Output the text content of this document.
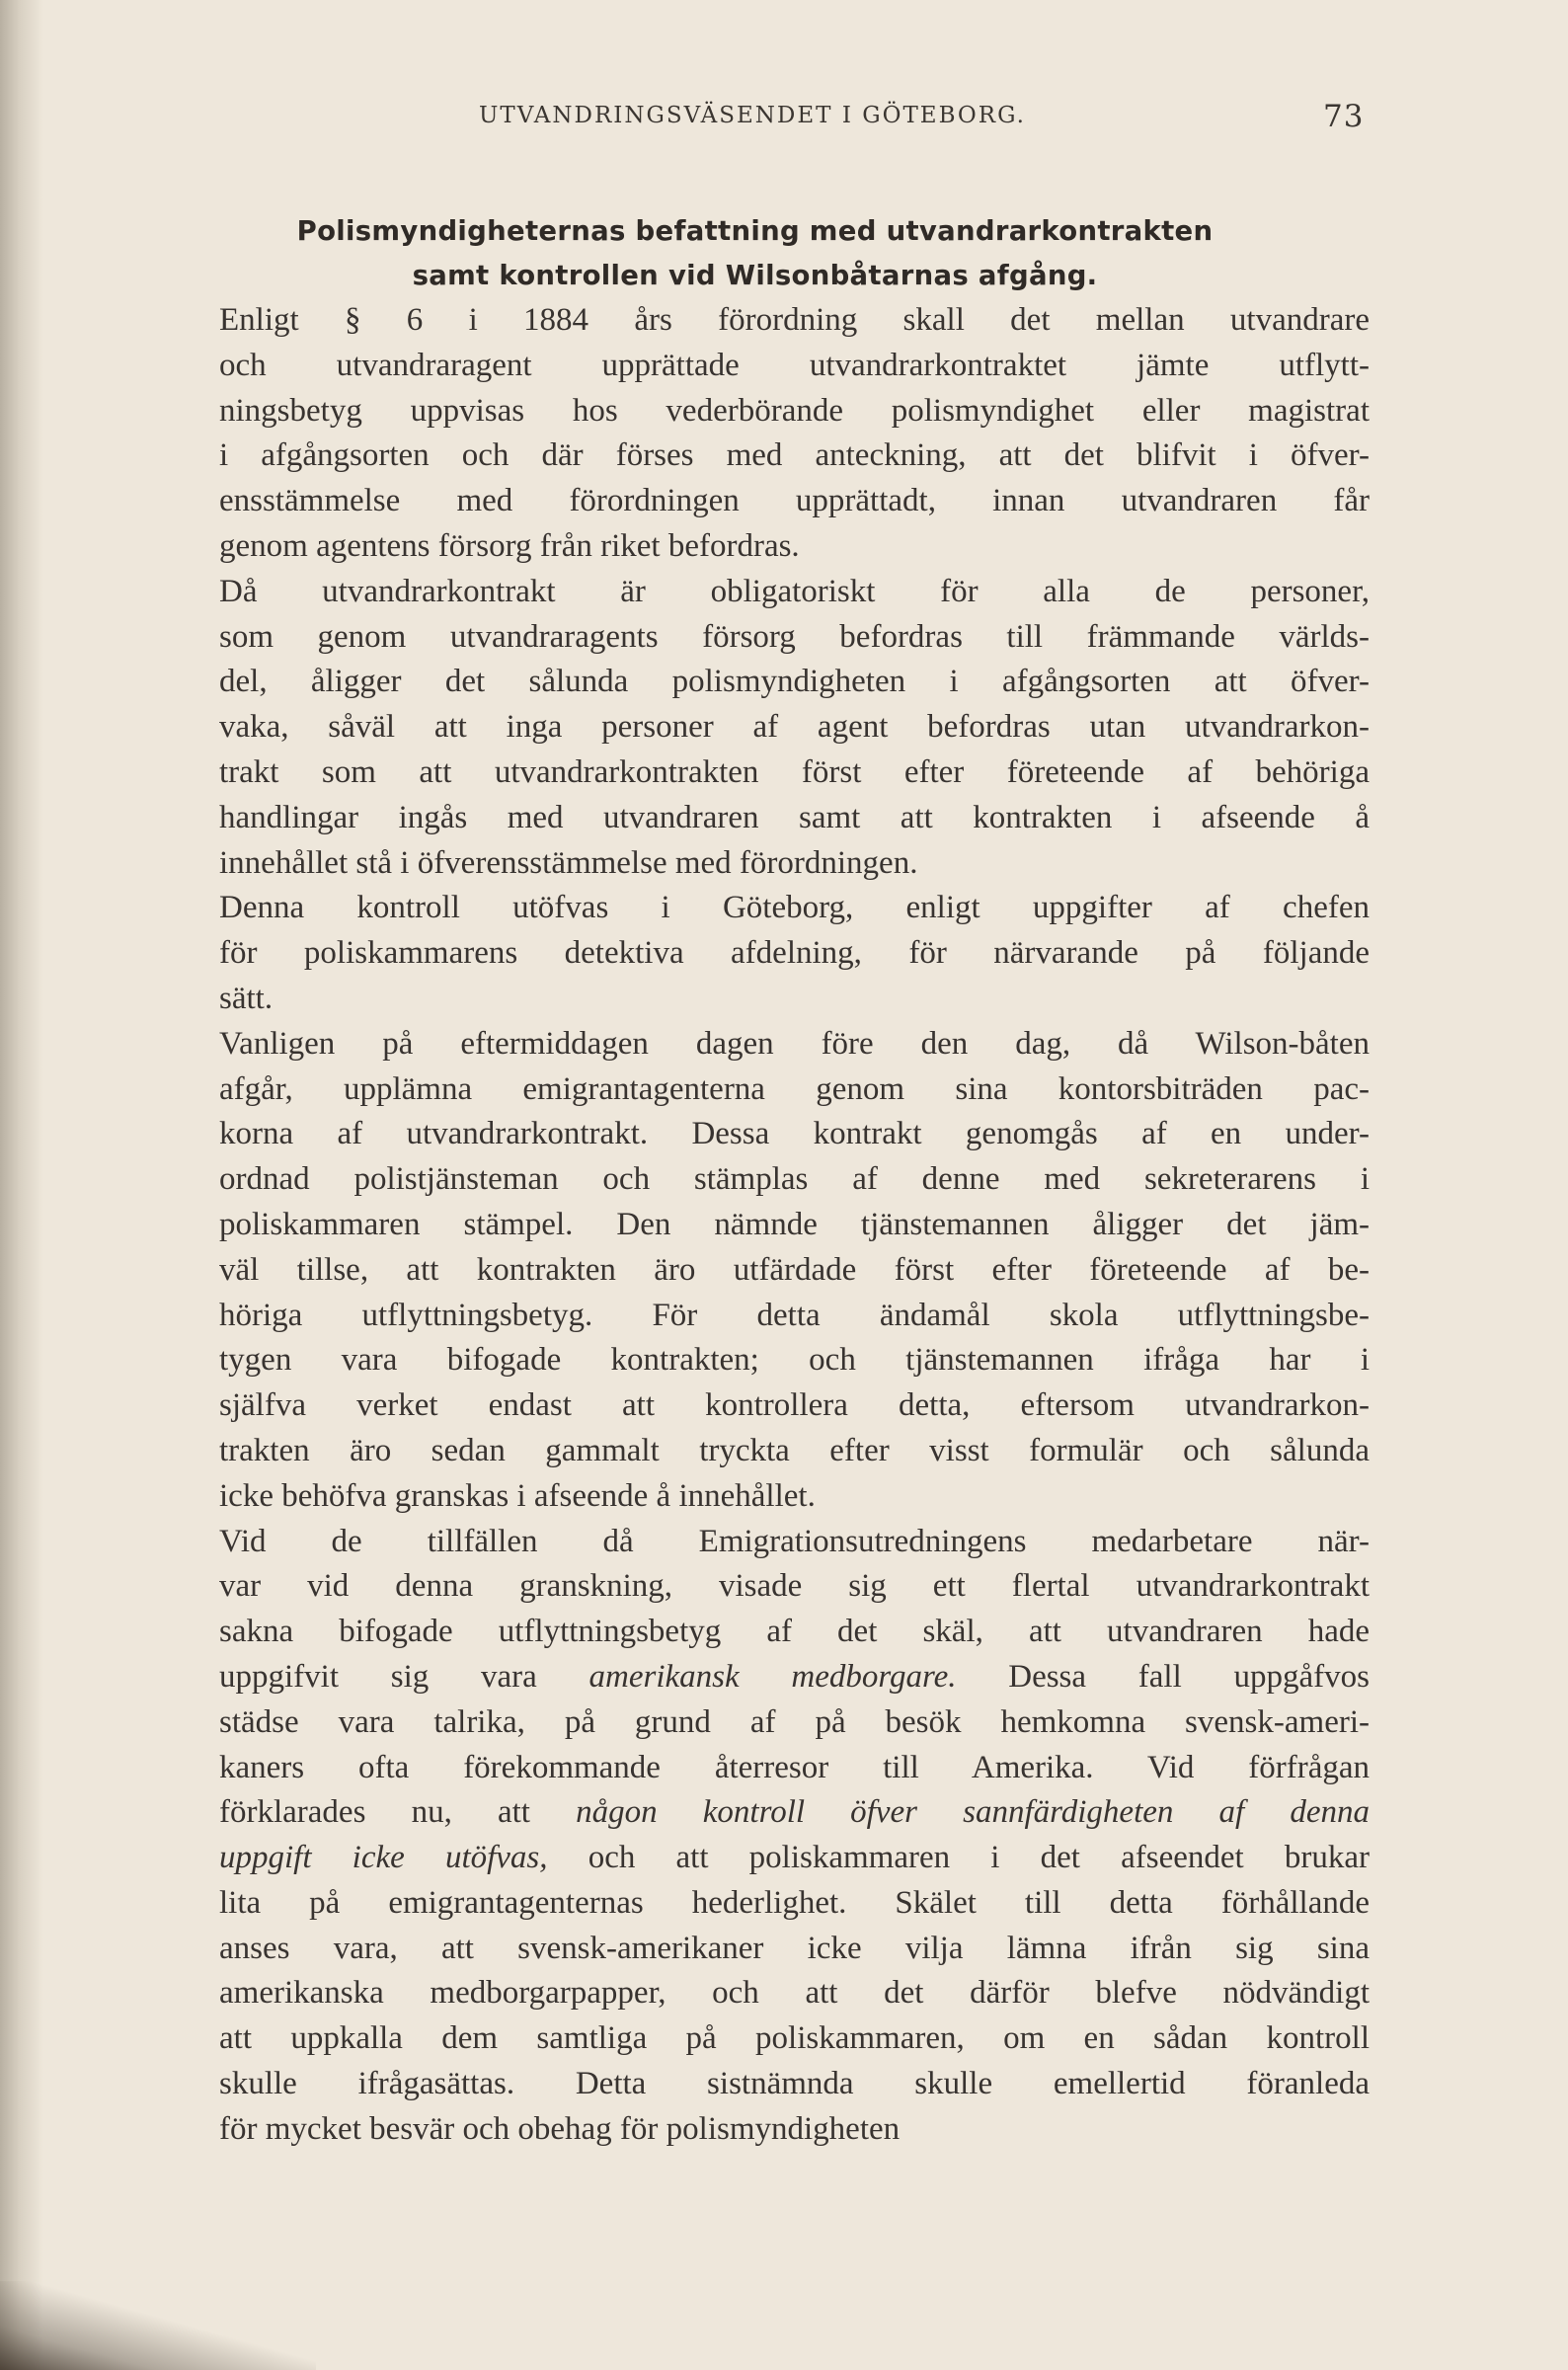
UTVANDRINGSVÄSENDET I GÖTEBORG.	73

Polismyndigheternas befattning med utvandrarkontrakten
samt kontrollen vid Wilsonbåtarnas afgång.

Enligt § 6 i 1884 års förordning skall det mellan utvandrare
och utvandraragent upprättade utvandrarkontraktet jämte utflytt-
ningsbetyg uppvisas hos vederbörande polismyndighet eller magistrat
i afgångsorten och där förses med anteckning, att det blifvit i öfver-
ensstämmelse med förordningen upprättadt, innan utvandraren får
genom agentens försorg från riket befordras.

Då utvandrarkontrakt är obligatoriskt för alla de personer,
som genom utvandraragents försorg befordras till främmande världs-
del, åligger det sålunda polismyndigheten i afgångsorten att öfver-
vaka, såväl att inga personer af agent befordras utan utvandrarkon-
trakt som att utvandrarkontrakten först efter företeende af behöriga
handlingar ingås med utvandraren samt att kontrakten i afseende å
innehållet stå i öfverensstämmelse med förordningen.

Denna kontroll utöfvas i Göteborg, enligt uppgifter af chefen
för poliskammarens detektiva afdelning, för närvarande på följande
sätt.

Vanligen på eftermiddagen dagen före den dag, då Wilson-båten
afgår, upplämna emigrantagenterna genom sina kontorsbiträden pac-
korna af utvandrarkontrakt. Dessa kontrakt genomgås af en under-
ordnad polistjänsteman och stämplas af denne med sekreterarens i
poliskammaren stämpel. Den nämnde tjänstemannen åligger det jäm-
väl tillse, att kontrakten äro utfärdade först efter företeende af be-
höriga utflyttningsbetyg. För detta ändamål skola utflyttningsbe-
tygen vara bifogade kontrakten; och tjänstemannen ifråga har i
själfva verket endast att kontrollera detta, eftersom utvandrarkon-
trakten äro sedan gammalt tryckta efter visst formulär och sålunda
icke behöfva granskas i afseende å innehållet.

Vid de tillfällen då Emigrationsutredningens medarbetare när-
var vid denna granskning, visade sig ett flertal utvandrarkontrakt
sakna bifogade utflyttningsbetyg af det skäl, att utvandraren hade
uppgifvit sig vara amerikansk medborgare. Dessa fall uppgåfvos
städse vara talrika, på grund af på besök hemkomna svensk-ameri-
kaners ofta förekommande återresor till Amerika. Vid förfrågan
förklarades nu, att någon kontroll öfver sannfärdigheten af denna
uppgift icke utöfvas, och att poliskammaren i det afseendet brukar
lita på emigrantagenternas hederlighet. Skälet till detta förhållande
anses vara, att svensk-amerikaner icke vilja lämna ifrån sig sina
amerikanska medborgarpapper, och att det därför blefve nödvändigt
att uppkalla dem samtliga på poliskammaren, om en sådan kontroll
skulle ifrågasättas. Detta sistnämnda skulle emellertid föranleda
för mycket besvär och obehag för polismyndigheten
